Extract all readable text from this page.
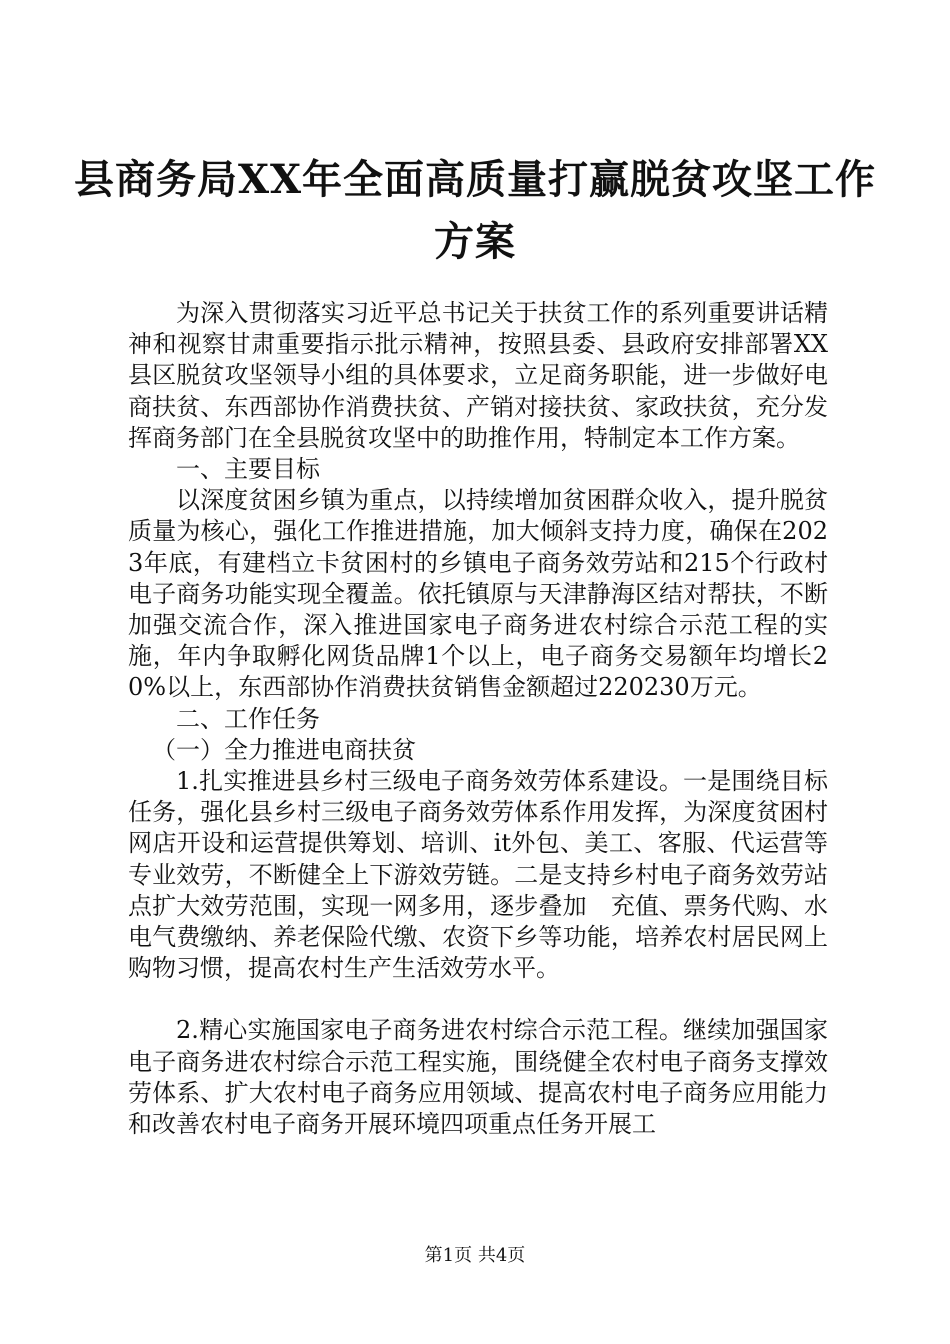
县商务局XX年全面高质量打赢脱贫攻坚工作
方案

为深入贯彻落实习近平总书记关于扶贫工作的系列重要讲话精神和视察甘肃重要指示批示精神，按照县委、县政府安排部署XX县区脱贫攻坚领导小组的具体要求，立足商务职能，进一步做好电商扶贫、东西部协作消费扶贫、产销对接扶贫、家政扶贫，充分发挥商务部门在全县脱贫攻坚中的助推作用，特制定本工作方案。

一、主要目标

以深度贫困乡镇为重点，以持续增加贫困群众收入，提升脱贫质量为核心，强化工作推进措施，加大倾斜支持力度，确保在2023年底，有建档立卡贫困村的乡镇电子商务效劳站和215个行政村电子商务功能实现全覆盖。依托镇原与天津静海区结对帮扶，不断加强交流合作，深入推进国家电子商务进农村综合示范工程的实施，年内争取孵化网货品牌1个以上，电子商务交易额年均增长20%以上，东西部协作消费扶贫销售金额超过220230万元。

二、工作任务

（一）全力推进电商扶贫

1.扎实推进县乡村三级电子商务效劳体系建设。一是围绕目标任务，强化县乡村三级电子商务效劳体系作用发挥，为深度贫困村网店开设和运营提供筹划、培训、it外包、美工、客服、代运营等专业效劳，不断健全上下游效劳链。二是支持乡村电子商务效劳站点扩大效劳范围，实现一网多用，逐步叠加　充值、票务代购、水电气费缴纳、养老保险代缴、农资下乡等功能，培养农村居民网上购物习惯，提高农村生产生活效劳水平。

2.精心实施国家电子商务进农村综合示范工程。继续加强国家电子商务进农村综合示范工程实施，围绕健全农村电子商务支撑效劳体系、扩大农村电子商务应用领域、提高农村电子商务应用能力和改善农村电子商务开展环境四项重点任务开展工

第1页 共4页
